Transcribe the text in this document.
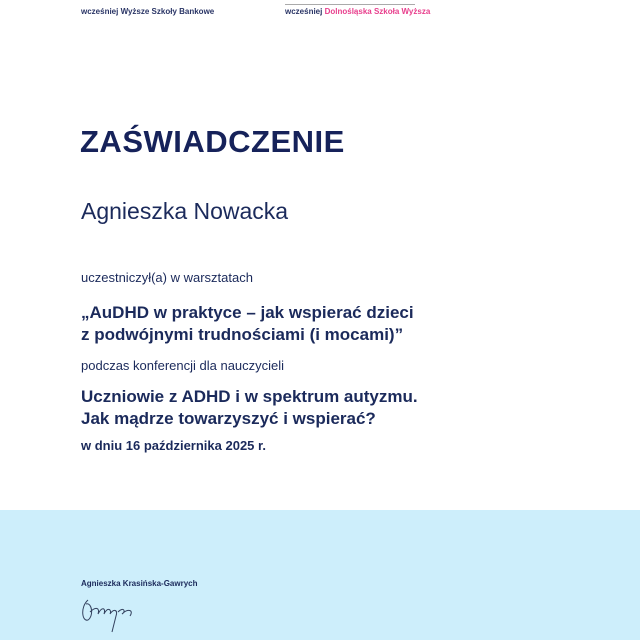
wcześniej Wyższe Szkoły Bankowe	wcześniej Dolnośląska Szkoła Wyższa
ZAŚWIADCZENIE
Agnieszka Nowacka
uczestniczył(a) w warsztatach
„AuDHD w praktyce – jak wspierać dzieci
z podwójnymi trudnościami (i mocami)”
podczas konferencji dla nauczycieli
Uczniowie z ADHD i w spektrum autyzmu.
Jak mądrze towarzyszyć i wspierać?
w dniu 16 października 2025 r.
Agnieszka Krasińska-Gawrych
